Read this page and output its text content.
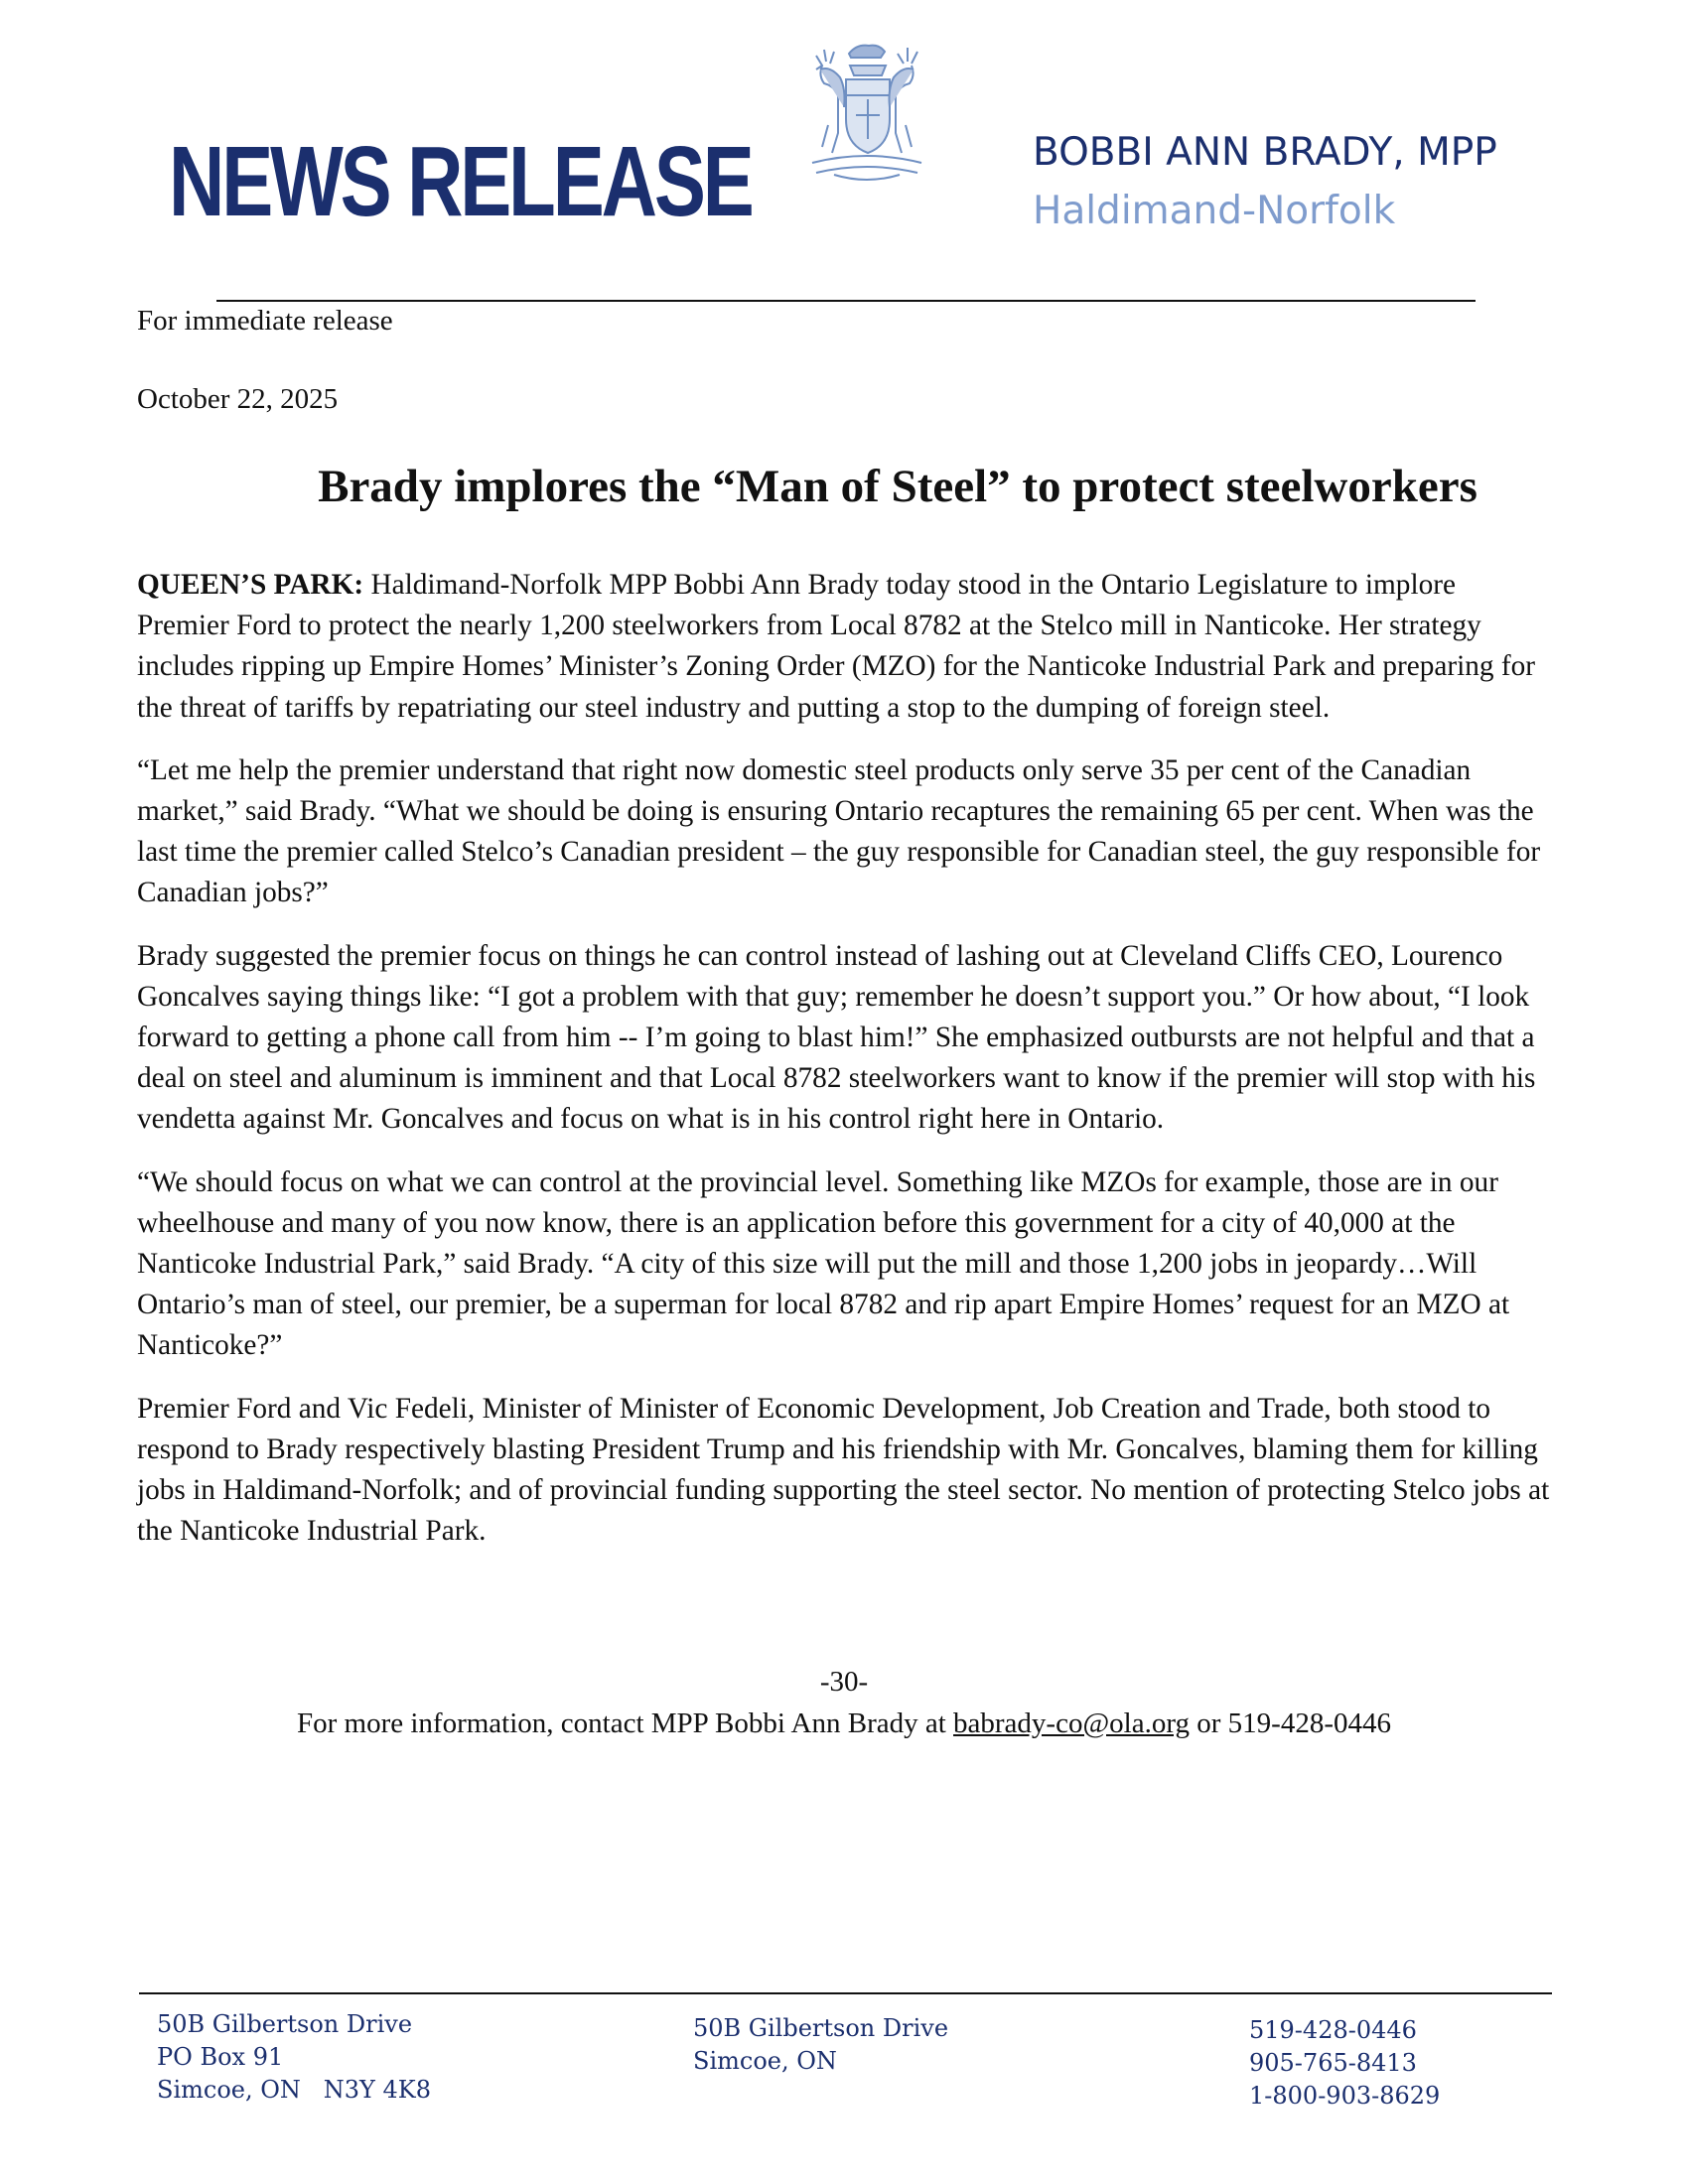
NEWS RELEASE	BOBBI ANN BRADY, MPP
Haldimand-Norfolk
For immediate release
October 22, 2025
Brady implores the “Man of Steel” to protect steelworkers

QUEEN’S PARK: Haldimand-Norfolk MPP Bobbi Ann Brady today stood in the Ontario Legislature to implore Premier Ford to protect the nearly 1,200 steelworkers from Local 8782 at the Stelco mill in Nanticoke. Her strategy includes ripping up Empire Homes’ Minister’s Zoning Order (MZO) for the Nanticoke Industrial Park and preparing for the threat of tariffs by repatriating our steel industry and putting a stop to the dumping of foreign steel.

“Let me help the premier understand that right now domestic steel products only serve 35 per cent of the Canadian market,” said Brady. “What we should be doing is ensuring Ontario recaptures the remaining 65 per cent. When was the last time the premier called Stelco’s Canadian president – the guy responsible for Canadian steel, the guy responsible for Canadian jobs?”

Brady suggested the premier focus on things he can control instead of lashing out at Cleveland Cliffs CEO, Lourenco Goncalves saying things like: “I got a problem with that guy; remember he doesn’t support you.” Or how about, “I look forward to getting a phone call from him -- I’m going to blast him!” She emphasized outbursts are not helpful and that a deal on steel and aluminum is imminent and that Local 8782 steelworkers want to know if the premier will stop with his vendetta against Mr. Goncalves and focus on what is in his control right here in Ontario.

“We should focus on what we can control at the provincial level. Something like MZOs for example, those are in our wheelhouse and many of you now know, there is an application before this government for a city of 40,000 at the Nanticoke Industrial Park,” said Brady. “A city of this size will put the mill and those 1,200 jobs in jeopardy…Will Ontario’s man of steel, our premier, be a superman for local 8782 and rip apart Empire Homes’ request for an MZO at Nanticoke?”

Premier Ford and Vic Fedeli, Minister of Minister of Economic Development, Job Creation and Trade, both stood to respond to Brady respectively blasting President Trump and his friendship with Mr. Goncalves, blaming them for killing jobs in Haldimand-Norfolk; and of provincial funding supporting the steel sector. No mention of protecting Stelco jobs at the Nanticoke Industrial Park.

-30-
For more information, contact MPP Bobbi Ann Brady at babrady-co@ola.org or 519-428-0446
50B Gilbertson Drive
PO Box 91
Simcoe, ON   N3Y 4K8
50B Gilbertson Drive
Simcoe, ON
519-428-0446
905-765-8413
1-800-903-8629
